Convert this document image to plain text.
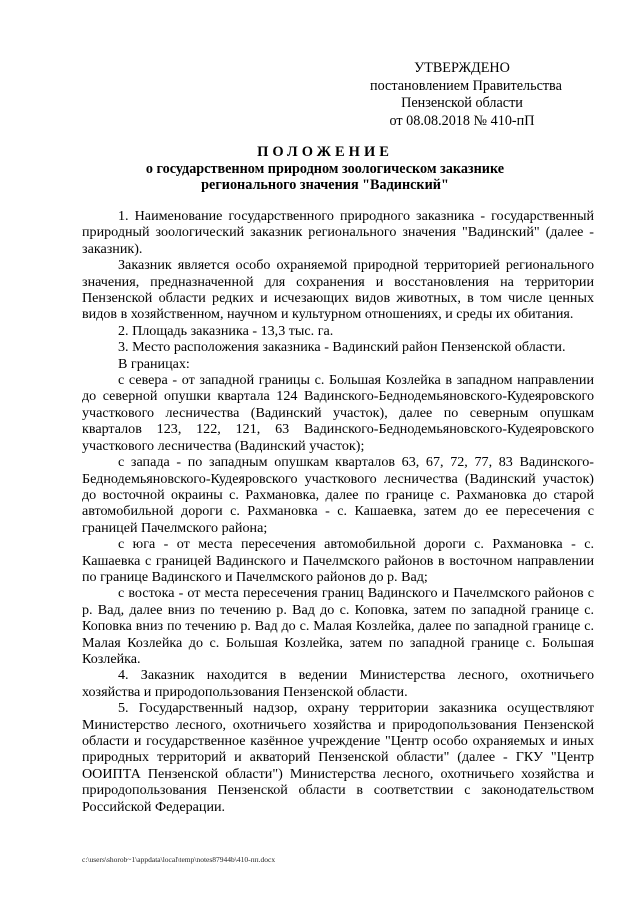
УТВЕРЖДЕНО
постановлением Правительства
Пензенской области
от 08.08.2018 № 410-пП
ПОЛОЖЕНИЕ
о государственном природном зоологическом заказнике
регионального значения "Вадинский"

1. Наименование государственного природного заказника - государственный природный зоологический заказник регионального значения "Вадинский" (далее - заказник).

Заказник является особо охраняемой природной территорией регионального значения, предназначенной для сохранения и восстановления на территории Пензенской области редких и исчезающих видов животных, в том числе ценных видов в хозяйственном, научном и культурном отношениях, и среды их обитания.

2. Площадь заказника - 13,3 тыс. га.

3. Место расположения заказника - Вадинский район Пензенской области.

В границах:

с севера - от западной границы с. Большая Козлейка в западном направлении до северной опушки квартала 124 Вадинского-Беднодемьяновского-Кудеяровского участкового лесничества (Вадинский участок), далее по северным опушкам кварталов 123, 122, 121, 63 Вадинского-Беднодемьяновского-Кудеяровского участкового лесничества (Вадинский участок);

с запада - по западным опушкам кварталов 63, 67, 72, 77, 83 Вадинского-Беднодемьяновского-Кудеяровского участкового лесничества (Вадинский участок) до восточной окраины с. Рахмановка, далее по границе с. Рахмановка до старой автомобильной дороги с. Рахмановка - с. Кашаевка, затем до ее пересечения с границей Пачелмского района;

с юга - от места пересечения автомобильной дороги с. Рахмановка - с. Кашаевка с границей Вадинского и Пачелмского районов в восточном направлении по границе Вадинского и Пачелмского районов до р. Вад;

с востока - от места пересечения границ Вадинского и Пачелмского районов с р. Вад, далее вниз по течению р. Вад до с. Коповка, затем по западной границе с. Коповка вниз по течению р. Вад до с. Малая Козлейка, далее по западной границе с. Малая Козлейка до с. Большая Козлейка, затем по западной границе с. Большая Козлейка.

4. Заказник находится в ведении Министерства лесного, охотничьего хозяйства и природопользования Пензенской области.

5. Государственный надзор, охрану территории заказника осуществляют Министерство лесного, охотничьего хозяйства и природопользования Пензенской области и государственное казённое учреждение "Центр особо охраняемых и иных природных территорий и акваторий Пензенской области" (далее - ГКУ "Центр ООИПТА Пензенской области") Министерства лесного, охотничьего хозяйства и природопользования Пензенской области в соответствии с законодательством Российской Федерации.

c:\users\shorob~1\appdata\local\temp\notes87944b\410-пп.docx
